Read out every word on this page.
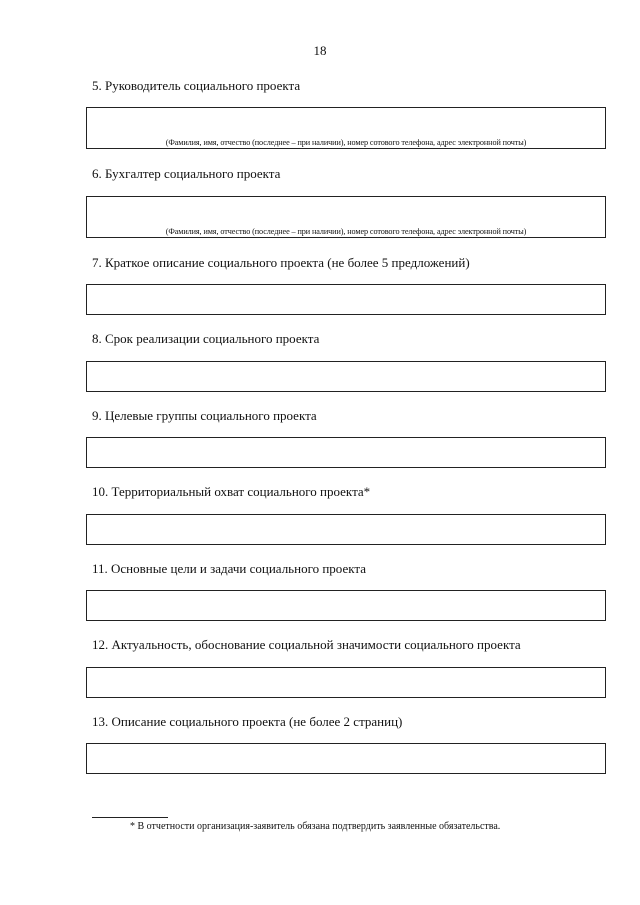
18
5. Руководитель социального проекта
(Фамилия, имя, отчество (последнее – при наличии), номер сотового телефона, адрес электронной почты)
6. Бухгалтер социального проекта
(Фамилия, имя, отчество (последнее – при наличии), номер сотового телефона, адрес электронной почты)
7. Краткое описание социального проекта (не более 5 предложений)
8. Срок реализации социального проекта
9. Целевые группы социального проекта
10. Территориальный охват социального проекта*
11. Основные цели и задачи социального проекта
12. Актуальность, обоснование социальной значимости социального проекта
13. Описание социального проекта (не более 2 страниц)
* В отчетности организация-заявитель обязана подтвердить заявленные обязательства.
